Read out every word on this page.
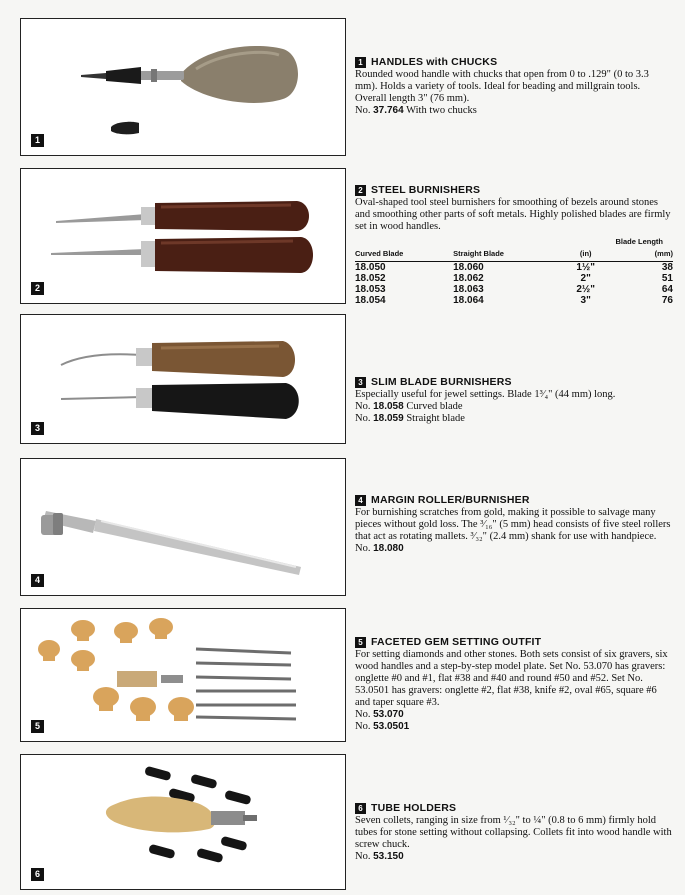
1
2
3
4
5
6
1 HANDLES with CHUCKS

Rounded wood handle with chucks that open from 0 to .129" (0 to 3.3 mm). Holds a variety of tools. Ideal for beading and millgrain tools. Overall length 3" (76 mm).

No. 37.764 With two chucks

2 STEEL BURNISHERS

Oval-shaped tool steel burnishers for smoothing of bezels around stones and smoothing other parts of soft metals. Highly polished blades are firmly set in wood handles.

		Blade Length	
Curved Blade	Straight Blade	(in)	(mm)
18.050	18.060	1½"	38
18.052	18.062	2"	51
18.053	18.063	2½"	64
18.054	18.064	3"	76
3 SLIM BLADE BURNISHERS

Especially useful for jewel settings. Blade 1³⁄₄" (44 mm) long.

No. 18.058 Curved blade

No. 18.059 Straight blade

4 MARGIN ROLLER/BURNISHER

For burnishing scratches from gold, making it possible to salvage many pieces without gold loss. The ³⁄₁₆" (5 mm) head consists of five steel rollers that act as rotating mallets. ³⁄₃₂" (2.4 mm) shank for use with handpiece.

No. 18.080

5 FACETED GEM SETTING OUTFIT

For setting diamonds and other stones. Both sets consist of six gravers, six wood handles and a step-by-step model plate. Set No. 53.070 has gravers: onglette #0 and #1, flat #38 and #40 and round #50 and #52. Set No. 53.0501 has gravers: onglette #2, flat #38, knife #2, oval #65, square #6 and taper square #3.

No. 53.070

No. 53.0501

6 TUBE HOLDERS

Seven collets, ranging in size from ¹⁄₃₂" to ¼" (0.8 to 6 mm) firmly hold tubes for stone setting without collapsing. Collets fit into wood handle with screw chuck.

No. 53.150
